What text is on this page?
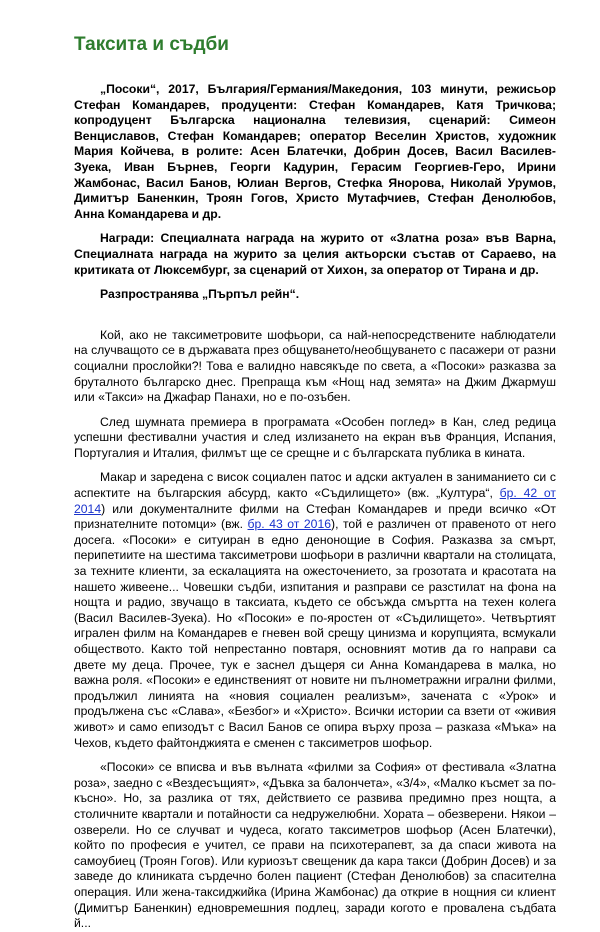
Таксита и съдби

„Посоки“, 2017, България/Германия/Македония, 103 минути, режисьор Стефан Командарев, продуценти: Стефан Командарев, Катя Тричкова; копродуцент Българска национална телевизия, сценарий: Симеон Венциславов, Стефан Командарев; оператор Веселин Христов, художник Мария Койчева, в ролите: Асен Блатечки, Добрин Досев, Васил Василев-Зуека, Иван Бърнев, Георги Кадурин, Герасим Георгиев-Геро, Ирини Жамбонас, Васил Банов, Юлиан Вергов, Стефка Янорова, Николай Урумов, Димитър Баненкин, Троян Гогов, Христо Мутафчиев, Стефан Денолюбов, Анна Командарева и др.

Награди: Специалната награда на журито от «Златна роза» във Варна, Специалната награда на журито за целия актьорски състав от Сараево, на критиката от Люксембург, за сценарий от Хихон, за оператор от Тирана и др.

Разпространява „Пърпъл рейн“.

Кой, ако не таксиметровите шофьори, са най-непосредствените наблюдатели на случващото се в държавата през общуването/необщуването с пасажери от разни социални прослойки?! Това е валидно навсякъде по света, а «Посоки» разказва за бруталното българско днес. Препраща към «Нощ над земята» на Джим Джармуш или «Такси» на Джафар Панахи, но е по-озъбен.

След шумната премиера в програмата «Особен поглед» в Кан, след редица успешни фестивални участия и след излизането на екран във Франция, Испания, Португалия и Италия, филмът ще се срещне и с българската публика в кината.

Макар и заредена с висок социален патос и адски актуален в заниманието си с аспектите на българския абсурд, както «Съдилището» (вж. „Култура“, бр. 42 от 2014) или документалните филми на Стефан Командарев и преди всичко «От признателните потомци» (вж. бр. 43 от 2016), той е различен от правеното от него досега. «Посоки» е ситуиран в едно денонощие в София. Разказва за смърт, перипетиите на шестима таксиметрови шофьори в различни квартали на столицата, за техните клиенти, за ескалацията на ожесточението, за грозотата и красотата на нашето живеене... Човешки съдби, изпитания и разправи се разстилат на фона на нощта и радио, звучащо в таксиата, където се обсъжда смъртта на техен колега (Васил Василев-Зуека). Но «Посоки» е по-яростен от «Съдилището». Четвъртият игрален филм на Командарев е гневен вой срещу цинизма и корупцията, всмукали обществото. Както той непрестанно повтаря, основният мотив да го направи са двете му деца. Прочее, тук е заснел дъщеря си Анна Командарева в малка, но важна роля. «Посоки» е единственият от новите ни пълнометражни игрални филми, продължил линията на «новия социален реализъм», зачената с «Урок» и продължена със «Слава», «Безбог» и «Христо». Всички истории са взети от «живия живот» и само епизодът с Васил Банов се опира върху проза – разказа «Мъка» на Чехов, където файтонджията е сменен с таксиметров шофьор.

«Посоки» се вписва и във вълната «филми за София» от фестивала «Златна роза», заедно с «Вездесъщият», «Дъвка за балончета», «3/4», «Малко късмет за по-късно». Но, за разлика от тях, действието се развива предимно през нощта, а столичните квартали и потайности са недружелюбни. Хората – обезверени. Някои – озверели. Но се случват и чудеса, когато таксиметров шофьор (Асен Блатечки), който по професия е учител, се прави на психотерапевт, за да спаси живота на самоубиец (Троян Гогов). Или куриозът свещеник да кара такси (Добрин Досев) и за заведе до клиниката сърдечно болен пациент (Стефан Денолюбов) за спасителна операция. Или жена-таксиджийка (Ирина Жамбонас) да открие в нощния си клиент (Димитър Баненкин) едновремешния подлец, заради когото е провалена съдбата й...
